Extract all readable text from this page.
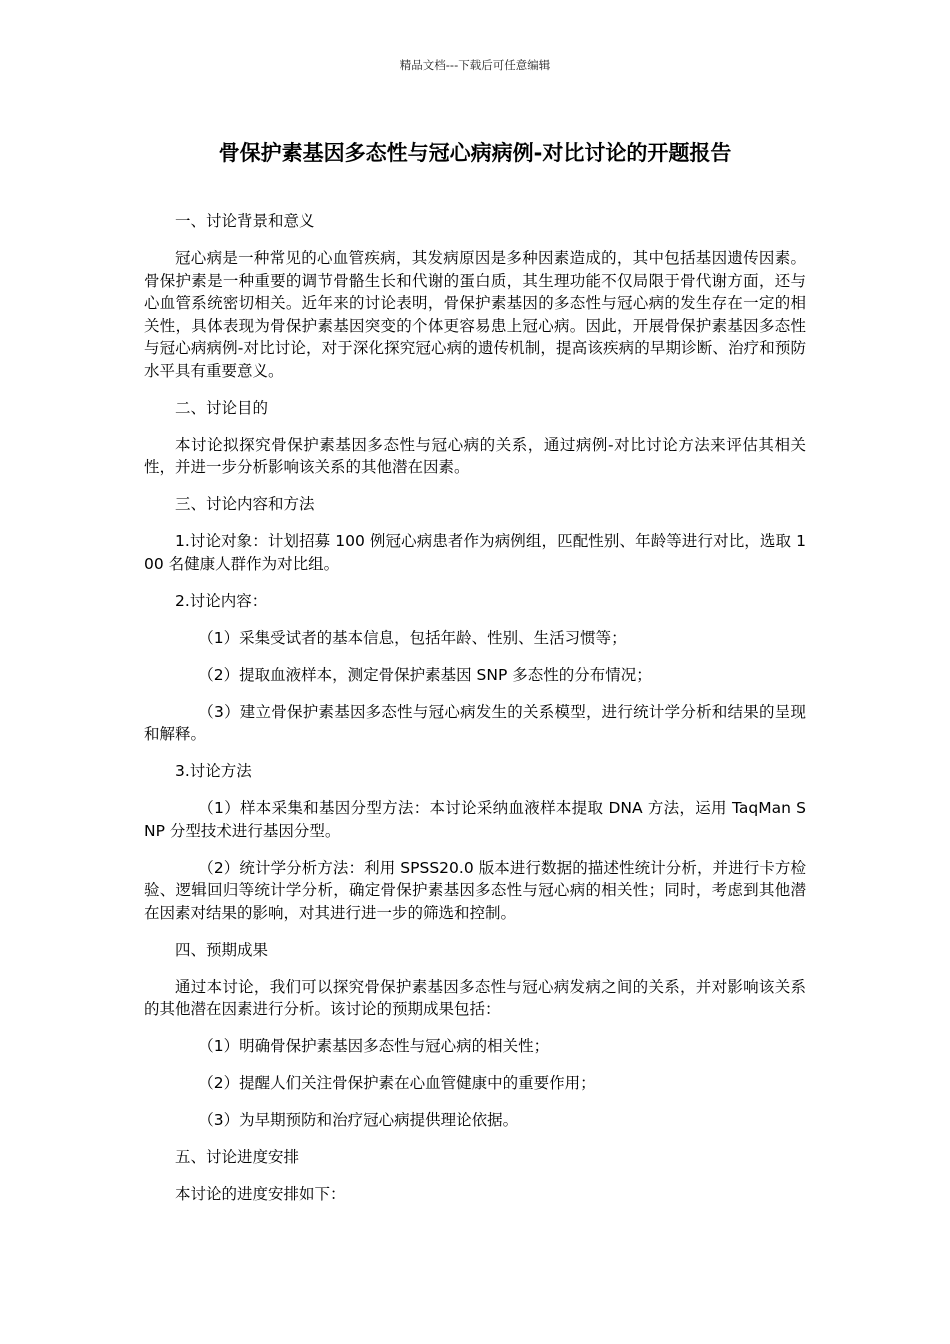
精品文档---下载后可任意编辑
骨保护素基因多态性与冠心病病例-对比讨论的开题报告

一、讨论背景和意义

冠心病是一种常见的心血管疾病，其发病原因是多种因素造成的，其中包括基因遗传因素。骨保护素是一种重要的调节骨骼生长和代谢的蛋白质，其生理功能不仅局限于骨代谢方面，还与心血管系统密切相关。近年来的讨论表明，骨保护素基因的多态性与冠心病的发生存在一定的相关性，具体表现为骨保护素基因突变的个体更容易患上冠心病。因此，开展骨保护素基因多态性与冠心病病例-对比讨论，对于深化探究冠心病的遗传机制，提高该疾病的早期诊断、治疗和预防水平具有重要意义。

二、讨论目的

本讨论拟探究骨保护素基因多态性与冠心病的关系，通过病例-对比讨论方法来评估其相关性，并进一步分析影响该关系的其他潜在因素。

三、讨论内容和方法

1.讨论对象：计划招募 100 例冠心病患者作为病例组，匹配性别、年龄等进行对比，选取 100 名健康人群作为对比组。

2.讨论内容：

（1）采集受试者的基本信息，包括年龄、性别、生活习惯等；

（2）提取血液样本，测定骨保护素基因 SNP 多态性的分布情况；

（3）建立骨保护素基因多态性与冠心病发生的关系模型，进行统计学分析和结果的呈现和解释。

3.讨论方法

（1）样本采集和基因分型方法：本讨论采纳血液样本提取 DNA 方法，运用 TaqMan SNP 分型技术进行基因分型。

（2）统计学分析方法：利用 SPSS20.0 版本进行数据的描述性统计分析，并进行卡方检验、逻辑回归等统计学分析，确定骨保护素基因多态性与冠心病的相关性；同时，考虑到其他潜在因素对结果的影响，对其进行进一步的筛选和控制。

四、预期成果

通过本讨论，我们可以探究骨保护素基因多态性与冠心病发病之间的关系，并对影响该关系的其他潜在因素进行分析。该讨论的预期成果包括：

（1）明确骨保护素基因多态性与冠心病的相关性；

（2）提醒人们关注骨保护素在心血管健康中的重要作用；

（3）为早期预防和治疗冠心病提供理论依据。

五、讨论进度安排

本讨论的进度安排如下：
